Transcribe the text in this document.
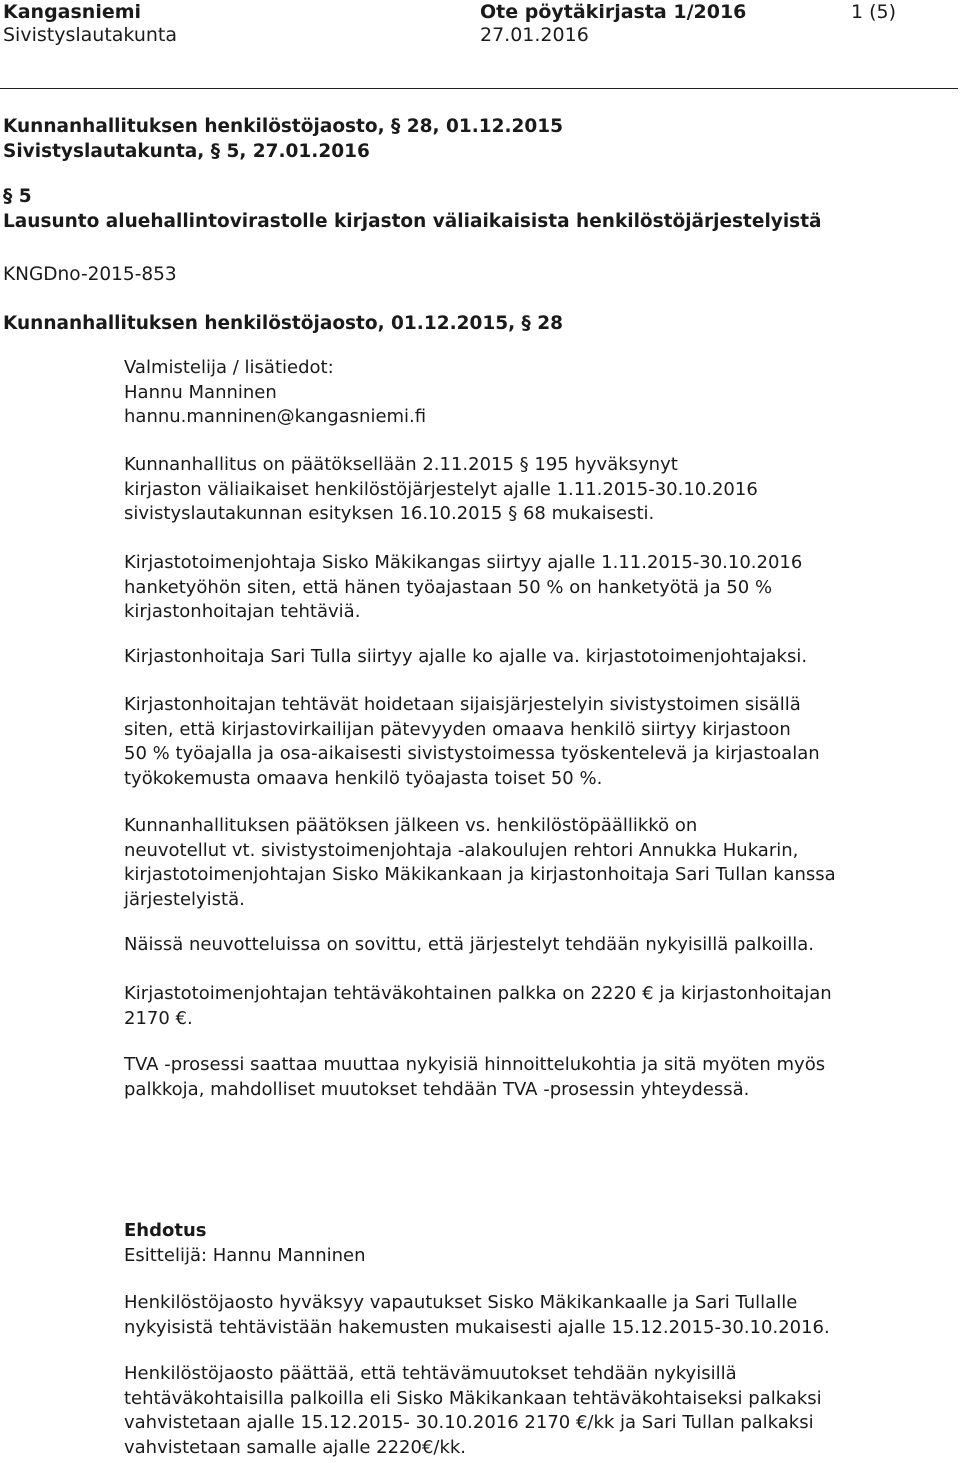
Kangasniemi	Ote pöytäkirjasta 1/2016	1 (5)
Sivistyslautakunta	27.01.2016
Kunnanhallituksen henkilöstöjaosto, § 28, 01.12.2015
Sivistyslautakunta, § 5, 27.01.2016
§ 5
Lausunto aluehallintovirastolle kirjaston väliaikaisista henkilöstöjärjestelyistä
KNGDno-2015-853
Kunnanhallituksen henkilöstöjaosto, 01.12.2015, § 28

Valmistelija / lisätiedot:

Hannu Manninen

hannu.manninen@kangasniemi.fi

Kunnanhallitus on päätöksellään 2.11.2015 § 195 hyväksynyt

kirjaston väliaikaiset henkilöstöjärjestelyt ajalle 1.11.2015-30.10.2016

sivistyslautakunnan esityksen 16.10.2015 § 68 mukaisesti.

Kirjastotoimenjohtaja Sisko Mäkikangas siirtyy ajalle 1.11.2015-30.10.2016

hanketyöhön siten, että hänen työajastaan 50 % on hanketyötä ja 50 %

kirjastonhoitajan tehtäviä.

Kirjastonhoitaja Sari Tulla siirtyy ajalle ko ajalle va. kirjastotoimenjohtajaksi.

Kirjastonhoitajan tehtävät hoidetaan sijaisjärjestelyin sivistystoimen sisällä

siten, että kirjastovirkailijan pätevyyden omaava henkilö siirtyy kirjastoon

50 % työajalla ja osa-aikaisesti sivistystoimessa työskentelevä ja kirjastoalan

työkokemusta omaava henkilö työajasta toiset 50 %.

Kunnanhallituksen päätöksen jälkeen vs. henkilöstöpäällikkö on

neuvotellut vt. sivistystoimenjohtaja -alakoulujen rehtori Annukka Hukarin,

kirjastotoimenjohtajan Sisko Mäkikankaan ja kirjastonhoitaja Sari Tullan kanssa

järjestelyistä.

Näissä neuvotteluissa on sovittu, että järjestelyt tehdään nykyisillä palkoilla.

Kirjastotoimenjohtajan tehtäväkohtainen palkka on 2220 € ja kirjastonhoitajan

2170 €.

TVA -prosessi saattaa muuttaa nykyisiä hinnoittelukohtia ja sitä myöten myös

palkkoja, mahdolliset muutokset tehdään TVA -prosessin yhteydessä.

Ehdotus

Esittelijä: Hannu Manninen

Henkilöstöjaosto hyväksyy vapautukset Sisko Mäkikankaalle ja Sari Tullalle

nykyisistä tehtävistään hakemusten mukaisesti ajalle 15.12.2015-30.10.2016.

Henkilöstöjaosto päättää, että tehtävämuutokset tehdään nykyisillä

tehtäväkohtaisilla palkoilla eli Sisko Mäkikankaan tehtäväkohtaiseksi palkaksi

vahvistetaan ajalle 15.12.2015- 30.10.2016 2170 €/kk ja Sari Tullan palkaksi

vahvistetaan samalle ajalle 2220€/kk.
